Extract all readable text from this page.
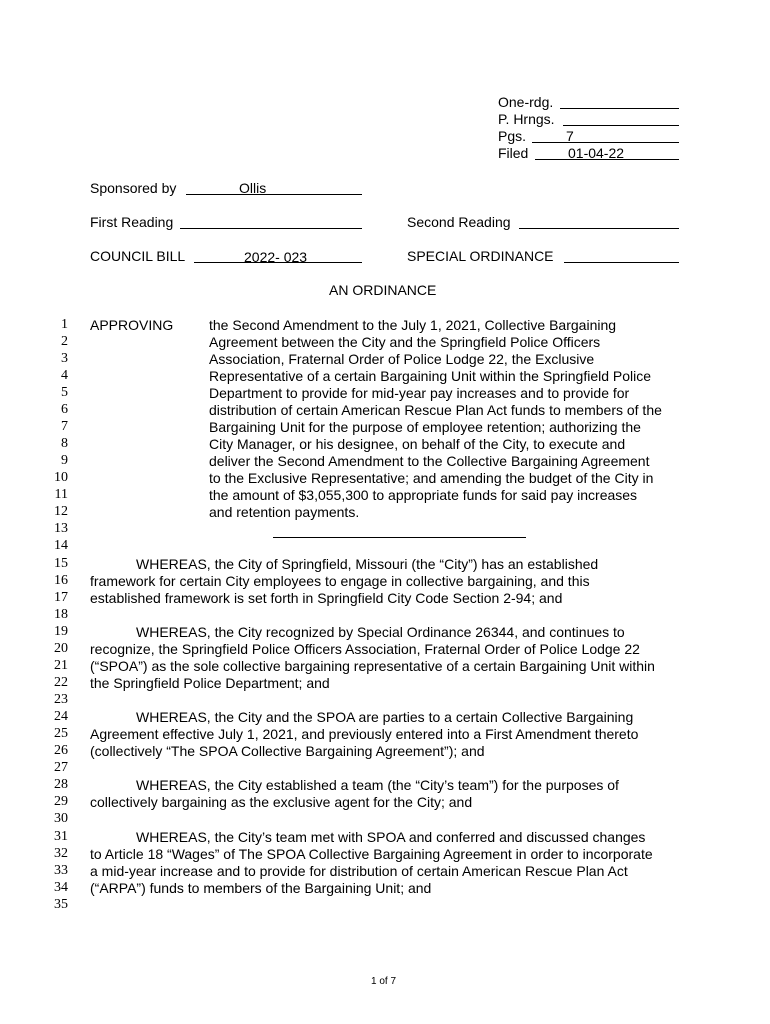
One-rdg.
P. Hrngs.
Pgs.	7
Filed	01-04-22
Sponsored by	Ollis
First Reading	Second Reading
COUNCIL BILL	2022- 023	SPECIAL ORDINANCE
AN ORDINANCE
1
2
3
4
5
6
7
8
9
10
11
12
13
14
15
16
17
18
19
20
21
22
23
24
25
26
27
28
29
30
31
32
33
34
35
APPROVING	the Second Amendment to the July 1, 2021, Collective Bargaining
Agreement between the City and the Springfield Police Officers
Association, Fraternal Order of Police Lodge 22, the Exclusive
Representative of a certain Bargaining Unit within the Springfield Police
Department to provide for mid-year pay increases and to provide for
distribution of certain American Rescue Plan Act funds to members of the
Bargaining Unit for the purpose of employee retention; authorizing the
City Manager, or his designee, on behalf of the City, to execute and
deliver the Second Amendment to the Collective Bargaining Agreement
to the Exclusive Representative; and amending the budget of the City in
the amount of $3,055,300 to appropriate funds for said pay increases
and retention payments.
WHEREAS, the City of Springfield, Missouri (the “City”) has an established
framework for certain City employees to engage in collective bargaining, and this
established framework is set forth in Springfield City Code Section 2-94; and
WHEREAS, the City recognized by Special Ordinance 26344, and continues to
recognize, the Springfield Police Officers Association, Fraternal Order of Police Lodge 22
(“SPOA”) as the sole collective bargaining representative of a certain Bargaining Unit within
the Springfield Police Department; and
WHEREAS, the City and the SPOA are parties to a certain Collective Bargaining
Agreement effective July 1, 2021, and previously entered into a First Amendment thereto
(collectively “The SPOA Collective Bargaining Agreement”); and
WHEREAS, the City established a team (the “City’s team”) for the purposes of
collectively bargaining as the exclusive agent for the City; and
WHEREAS, the City’s team met with SPOA and conferred and discussed changes
to Article 18 “Wages” of The SPOA Collective Bargaining Agreement in order to incorporate
a mid-year increase and to provide for distribution of certain American Rescue Plan Act
(“ARPA”) funds to members of the Bargaining Unit; and
1 of 7
